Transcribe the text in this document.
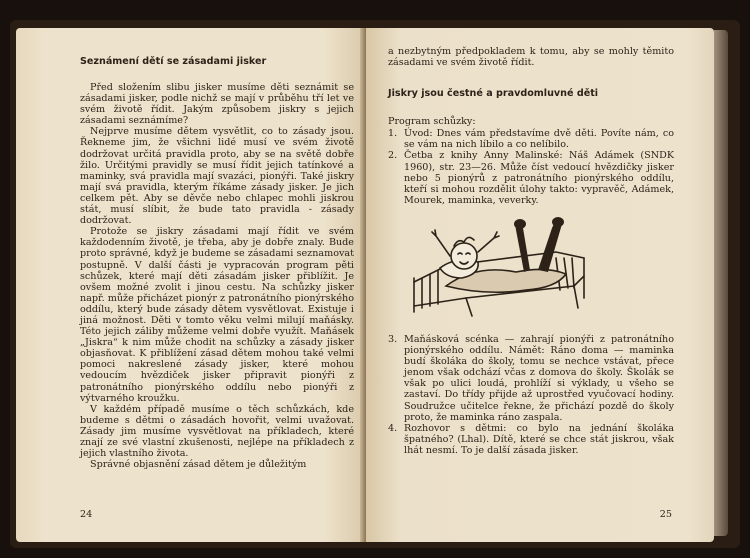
Seznámení dětí se zásadami jisker

Před složením slibu jisker musíme děti seznámit se zásadami jisker, podle nichž se mají v průběhu tří let ve svém životě řídit. Jakým způsobem jiskry s jejich zásadami seznámíme?

Nejprve musíme dětem vysvětlit, co to zásady jsou. Řekneme jim, že všichni lidé musí ve svém životě dodržovat určitá pravidla proto, aby se na světě dobře žilo. Určitými pravidly se musí řídit jejich tatínkové a maminky, svá pravidla mají svazáci, pionýři. Také jiskry mají svá pravidla, kterým říkáme zásady jisker. Je jich celkem pět. Aby se děvče nebo chlapec mohli jiskrou stát, musí slíbit, že bude tato pravidla - zásady dodržovat.

Protože se jiskry zásadami mají řídit ve svém každodenním životě, je třeba, aby je dobře znaly. Bude proto správné, když je budeme se zásadami seznamovat postupně. V další části je vypracován program pěti schůzek, které mají děti zásadám jisker přiblížit. Je ovšem možné zvolit i jinou cestu. Na schůzky jisker např. může přicházet pionýr z patronátního pionýrského oddílu, který bude zásady dětem vysvětlovat. Existuje i jiná možnost. Děti v tomto věku velmi milují maňásky. Této jejich záliby můžeme velmi dobře využít. Maňásek „Jiskra“ k nim může chodit na schůzky a zásady jisker objasňovat. K přiblížení zásad dětem mohou také velmi pomoci nakreslené zásady jisker, které mohou vedoucím hvězdiček jisker připravit pionýři z patronátního pionýrského oddílu nebo pionýři z výtvarného kroužku.

V každém případě musíme o těch schůzkách, kde budeme s dětmi o zásadách hovořit, velmi uvažovat. Zásady jim musíme vysvětlovat na příkladech, které znají ze své vlastní zkušenosti, nejlépe na příkladech z jejich vlastního života.

Správné objasnění zásad dětem je důležitým

24

a nezbytným předpokladem k tomu, aby se mohly těmito zásadami ve svém životě řídit.

Jiskry jsou čestné a pravdomluvné děti

Program schůzky:

1. Úvod: Dnes vám představíme dvě děti. Povíte nám, co se vám na nich líbilo a co nelíbilo.
2. Četba z knihy Anny Malinské: Náš Adámek (SNDK 1960), str. 23—26. Může číst vedoucí hvězdičky jisker nebo 5 pionýrů z patronátního pionýrského oddílu, kteří si mohou rozdělit úlohy takto: vypravěč, Adámek, Mourek, maminka, veverky.
3. Maňásková scénka — zahrají pionýři z patronátního pionýrského oddílu. Námět: Ráno doma — maminka budí školáka do školy, tomu se nechce vstávat, přece jenom však odchází včas z domova do školy. Školák se však po ulici loudá, prohlíží si výklady, u všeho se zastaví. Do třídy přijde až uprostřed vyučovací hodiny. Soudružce učitelce řekne, že přichází pozdě do školy proto, že maminka ráno zaspala.
4. Rozhovor s dětmi: co bylo na jednání školáka špatného? (Lhal). Dítě, které se chce stát jiskrou, však lhát nesmí. To je další zásada jisker.
25
